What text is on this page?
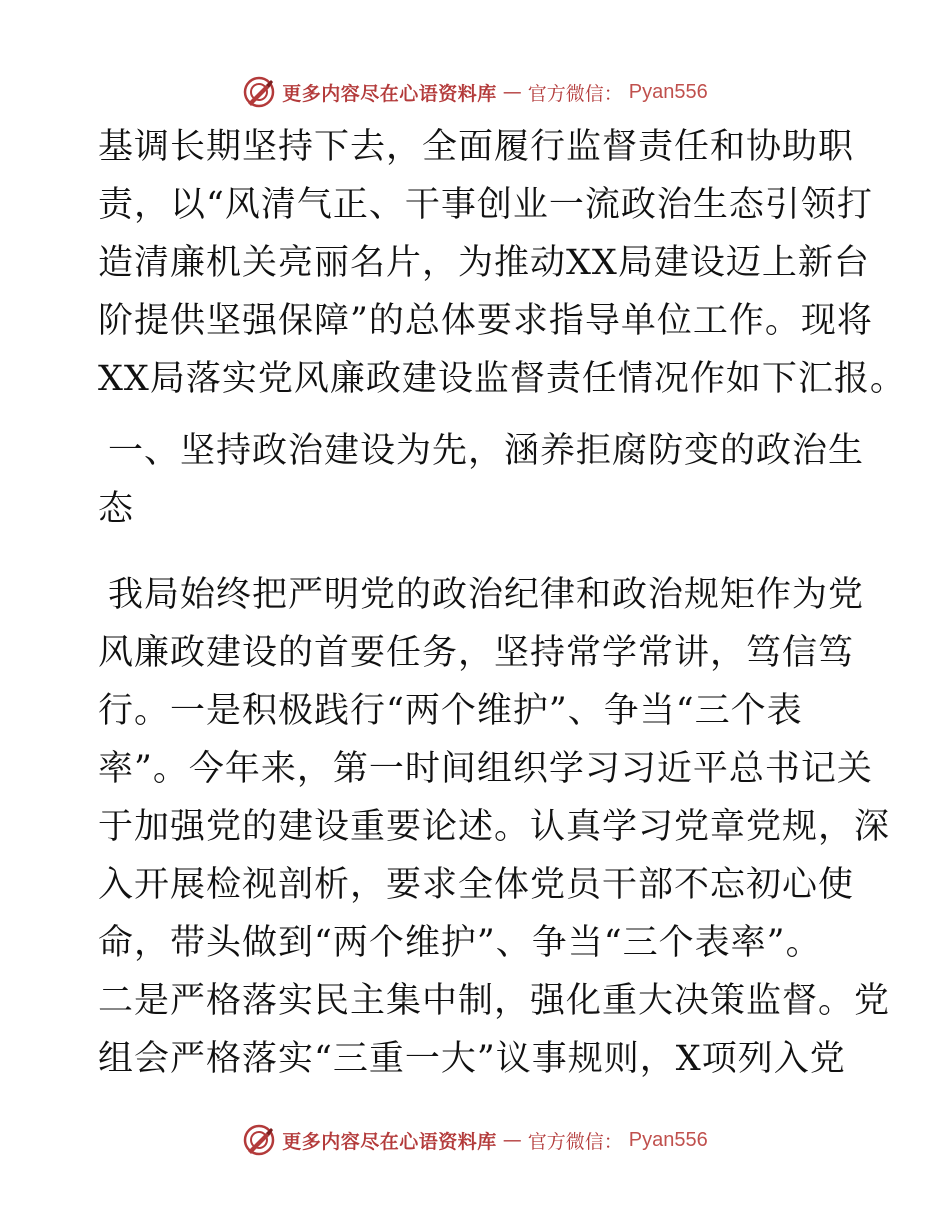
更多内容尽在心语资料库 — 官方微信： Pyan556
基调长期坚持下去，全面履行监督责任和协助职
责，以“风清气正、干事创业一流政治生态引领打
造清廉机关亮丽名片，为推动XX局建设迈上新台
阶提供坚强保障”的总体要求指导单位工作。现将
XX局落实党风廉政建设监督责任情况作如下汇报。
一、坚持政治建设为先，涵养拒腐防变的政治生
态
我局始终把严明党的政治纪律和政治规矩作为党
风廉政建设的首要任务，坚持常学常讲，笃信笃
行。一是积极践行“两个维护”、争当“三个表
率”。今年来，第一时间组织学习习近平总书记关
于加强党的建设重要论述。认真学习党章党规，深
入开展检视剖析，要求全体党员干部不忘初心使
命，带头做到“两个维护”、争当“三个表率”。
二是严格落实民主集中制，强化重大决策监督。党
组会严格落实“三重一大”议事规则，X项列入党
更多内容尽在心语资料库 — 官方微信： Pyan556
